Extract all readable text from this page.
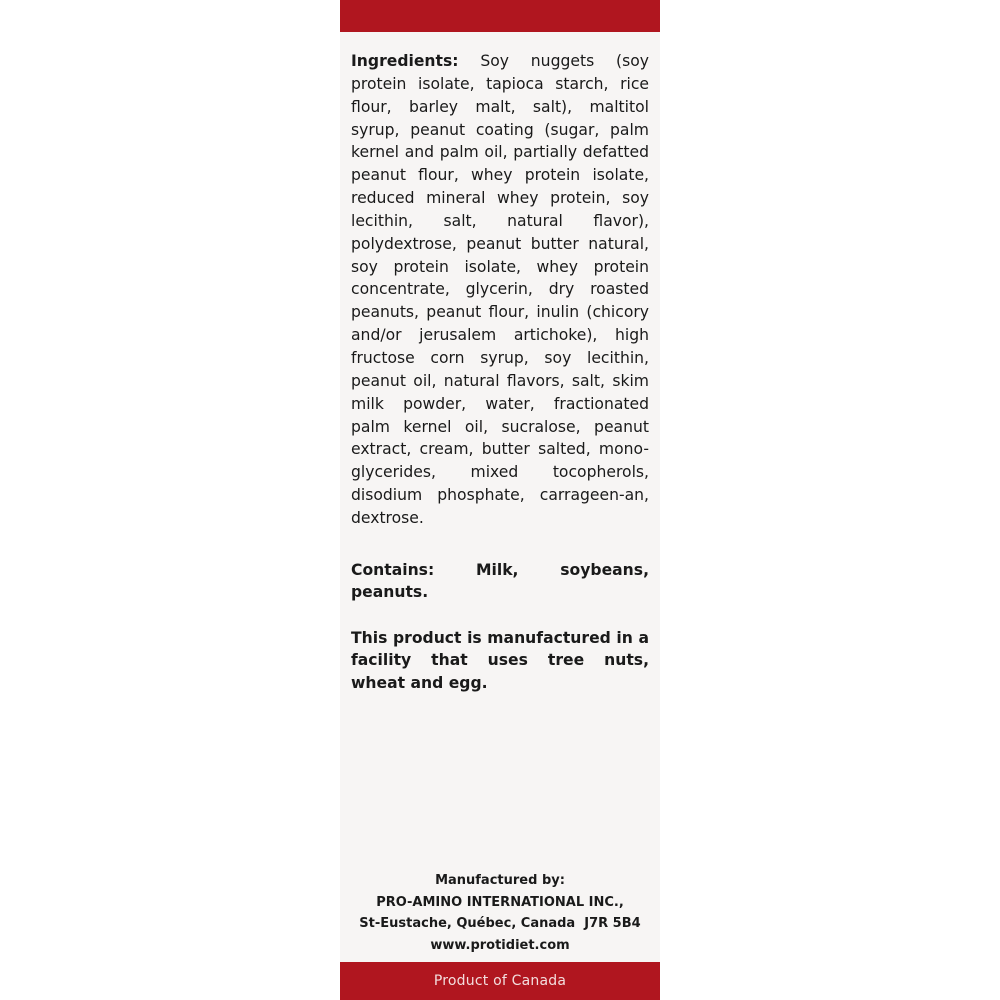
Ingredients: Soy nuggets (soy protein isolate, tapioca starch, rice flour, barley malt, salt), maltitol syrup, peanut coating (sugar, palm kernel and palm oil, partially defatted peanut flour, whey protein isolate, reduced mineral whey protein, soy lecithin, salt, natural flavor), polydextrose, peanut butter natural, soy protein isolate, whey protein concentrate, glycerin, dry roasted peanuts, peanut flour, inulin (chicory and/or jerusalem artichoke), high fructose corn syrup, soy lecithin, peanut oil, natural flavors, salt, skim milk powder, water, fractionated palm kernel oil, sucralose, peanut extract, cream, butter salted, mono-glycerides, mixed tocopherols, disodium phosphate, carrageen-an, dextrose.

Contains: Milk, soybeans, peanuts.

This product is manufactured in a facility that uses tree nuts, wheat and egg.

Manufactured by:
PRO-AMINO INTERNATIONAL INC.,
St-Eustache, Québec, Canada  J7R 5B4
www.protidiet.com
Product of Canada
